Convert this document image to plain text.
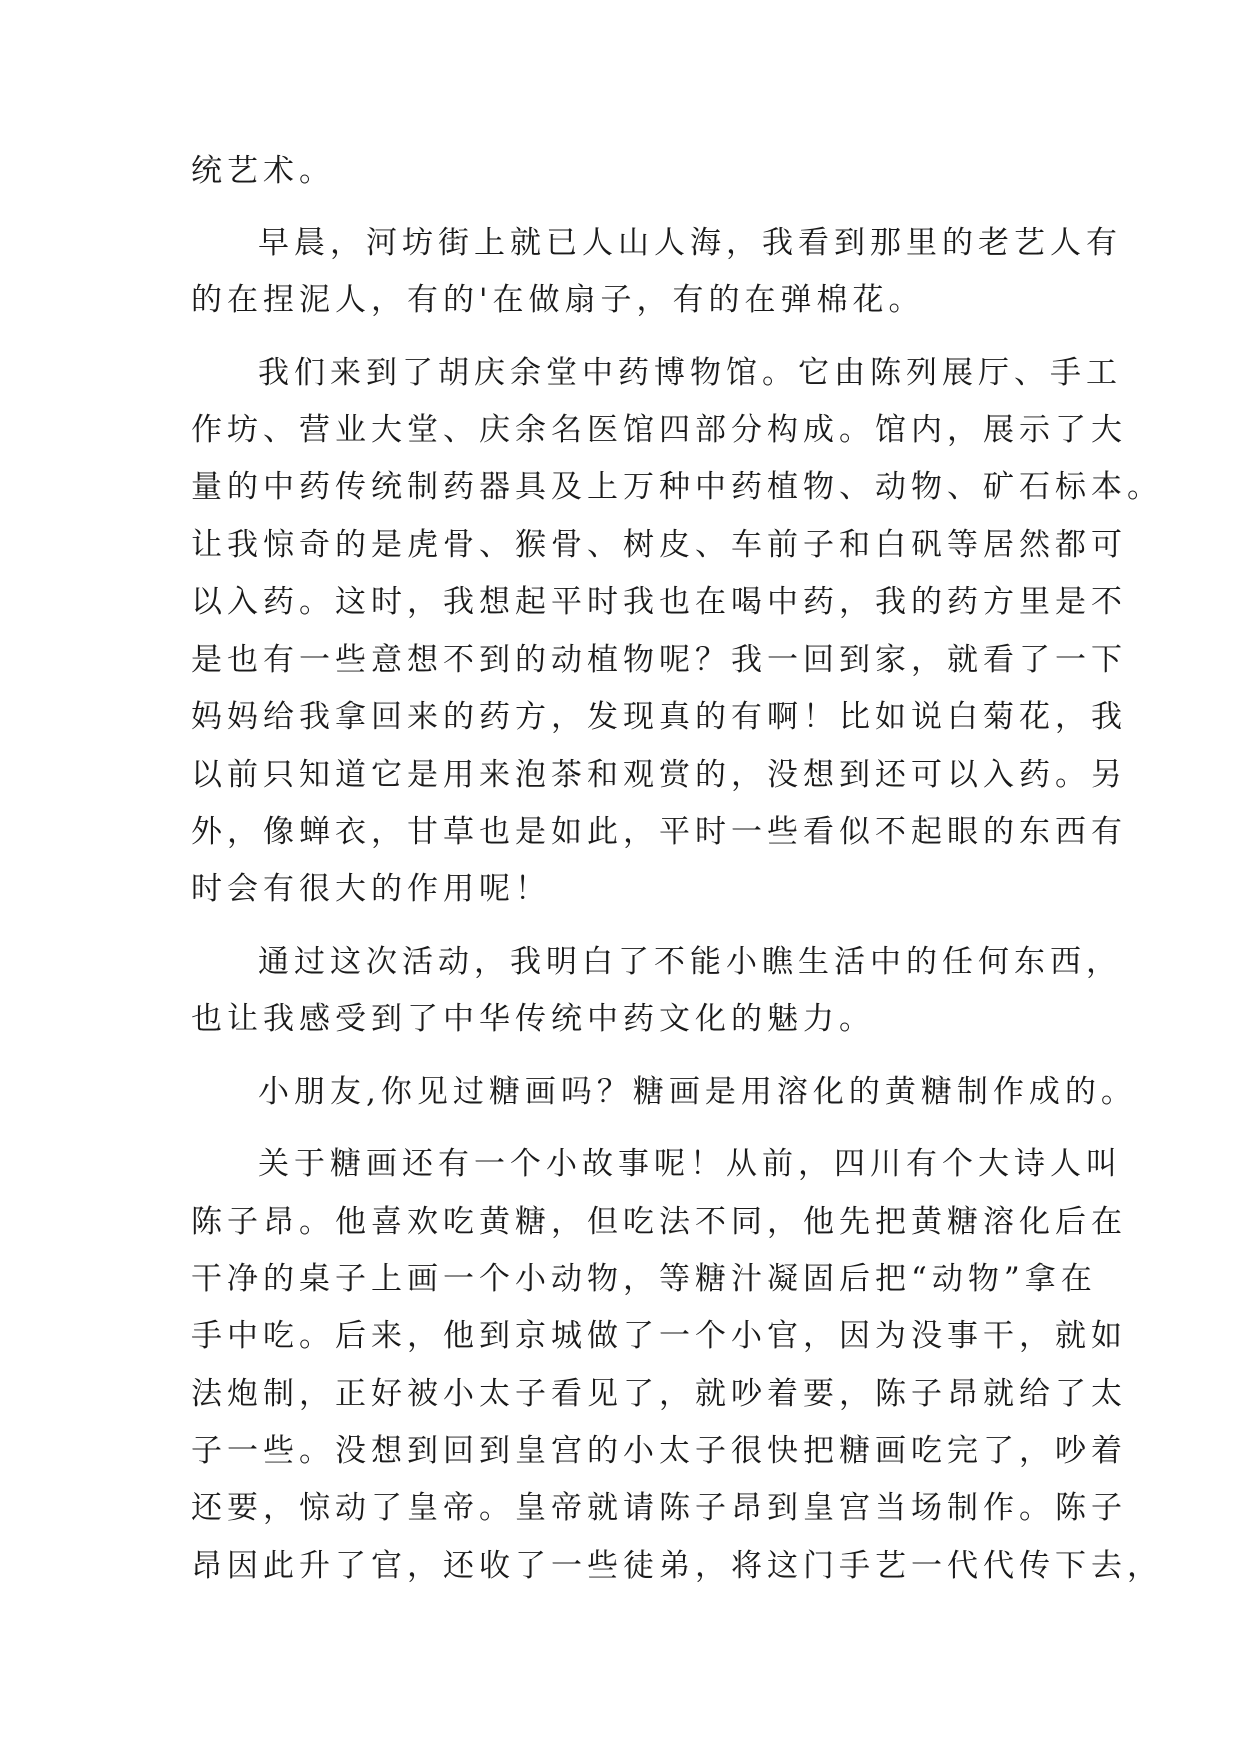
统艺术。
早晨，河坊街上就已人山人海，我看到那里的老艺人有
的在捏泥人，有的'在做扇子，有的在弹棉花。
我们来到了胡庆余堂中药博物馆。它由陈列展厅、手工
作坊、营业大堂、庆余名医馆四部分构成。馆内，展示了大
量的中药传统制药器具及上万种中药植物、动物、矿石标本。
让我惊奇的是虎骨、猴骨、树皮、车前子和白矾等居然都可
以入药。这时，我想起平时我也在喝中药，我的药方里是不
是也有一些意想不到的动植物呢？我一回到家，就看了一下
妈妈给我拿回来的药方，发现真的有啊！比如说白菊花，我
以前只知道它是用来泡茶和观赏的，没想到还可以入药。另
外，像蝉衣，甘草也是如此，平时一些看似不起眼的东西有
时会有很大的作用呢！
通过这次活动，我明白了不能小瞧生活中的任何东西，
也让我感受到了中华传统中药文化的魅力。
小朋友,你见过糖画吗？糖画是用溶化的黄糖制作成的。
关于糖画还有一个小故事呢！从前，四川有个大诗人叫
陈子昂。他喜欢吃黄糖，但吃法不同，他先把黄糖溶化后在
干净的桌子上画一个小动物，等糖汁凝固后把“动物”拿在
手中吃。后来，他到京城做了一个小官，因为没事干，就如
法炮制，正好被小太子看见了，就吵着要，陈子昂就给了太
子一些。没想到回到皇宫的小太子很快把糖画吃完了，吵着
还要，惊动了皇帝。皇帝就请陈子昂到皇宫当场制作。陈子
昂因此升了官，还收了一些徒弟，将这门手艺一代代传下去，
